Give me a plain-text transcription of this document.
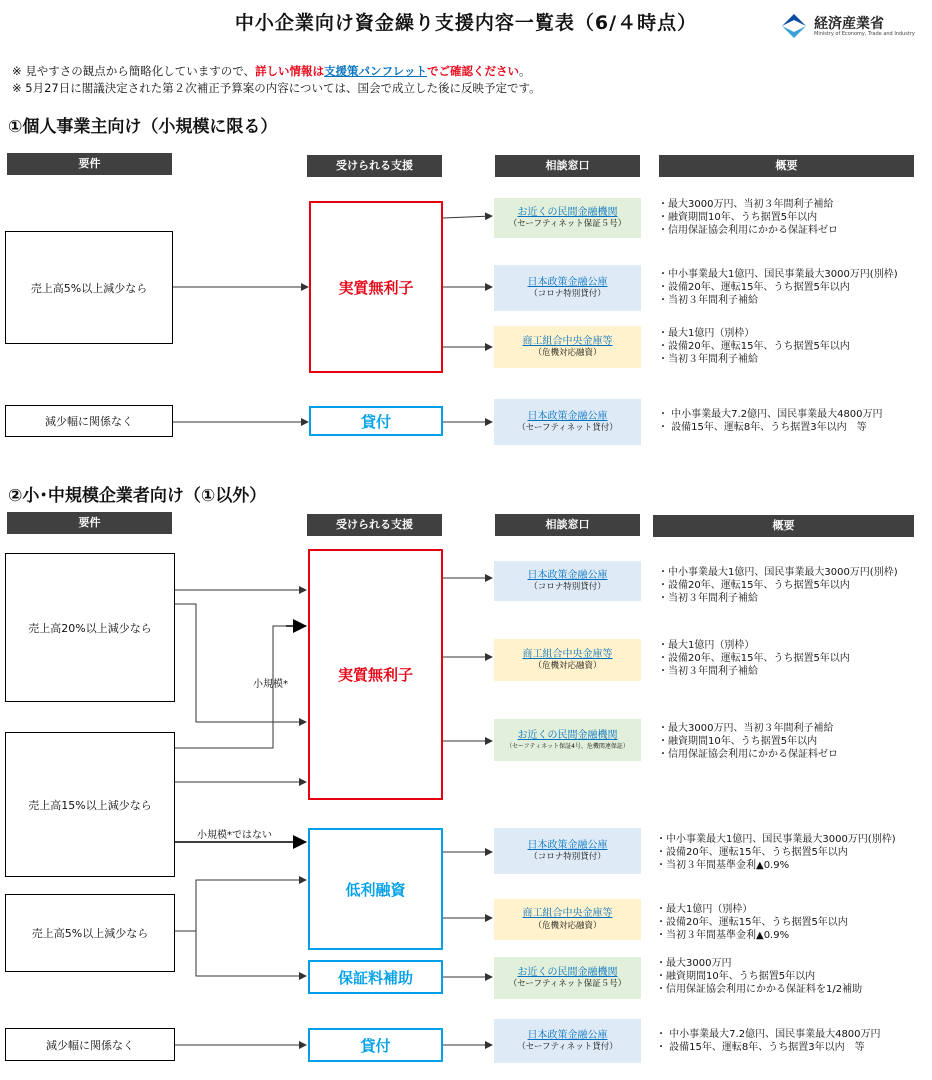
中小企業向け資金繰り支援内容一覧表（6/４時点）	経済産業省
Ministry of Economy, Trade and Industry
※ 見やすさの観点から簡略化していますので、詳しい情報は支援策パンフレットでご確認ください。
※ 5月27日に閣議決定された第２次補正予算案の内容については、国会で成立した後に反映予定です。
①個人事業主向け（小規模に限る）
要件	受けられる支援	相談窓口	概要
売上高5%以上減少なら
減少幅に関係なく
実質無利子
貸付
お近くの民間金融機関
（セーフティネット保証５号）
日本政策金融公庫
（コロナ特別貸付）
商工組合中央金庫等
（危機対応融資）
日本政策金融公庫
（セーフティネット貸付）
・最大3000万円、当初３年間利子補給
・融資期間10年、うち据置5年以内
・信用保証協会利用にかかる保証料ゼロ
・中小事業最大1億円、国民事業最大3000万円(別枠)
・設備20年、運転15年、うち据置5年以内
・当初３年間利子補給
・最大1億円（別枠）
・設備20年、運転15年、うち据置5年以内
・当初３年間利子補給
・ 中小事業最大7.2億円、国民事業最大4800万円
・ 設備15年、運転8年、うち据置3年以内　等
②小･中規模企業者向け（①以外）
要件	受けられる支援	相談窓口	概要
売上高20%以上減少なら
売上高15%以上減少なら
売上高5%以上減少なら
減少幅に関係なく
小規模*
小規模*ではない
実質無利子
低利融資
保証料補助
貸付
日本政策金融公庫
（コロナ特別貸付）
商工組合中央金庫等
（危機対応融資）
お近くの民間金融機関
（セーフティネット保証4号、危機関連保証）
日本政策金融公庫
（コロナ特別貸付）
商工組合中央金庫等
（危機対応融資）
お近くの民間金融機関
（セーフティネット保証５号）
日本政策金融公庫
（セーフティネット貸付）
・中小事業最大1億円、国民事業最大3000万円(別枠)
・設備20年、運転15年、うち据置5年以内
・当初３年間利子補給
・最大1億円（別枠）
・設備20年、運転15年、うち据置5年以内
・当初３年間利子補給
・最大3000万円、当初３年間利子補給
・融資期間10年、うち据置5年以内
・信用保証協会利用にかかる保証料ゼロ
・中小事業最大1億円、国民事業最大3000万円(別枠)
・設備20年、運転15年、うち据置5年以内
・当初３年間基準金利▲0.9%
・最大1億円（別枠）
・設備20年、運転15年、うち据置5年以内
・当初３年間基準金利▲0.9%
・最大3000万円
・融資期間10年、うち据置5年以内
・信用保証協会利用にかかる保証料を1/2補助
・ 中小事業最大7.2億円、国民事業最大4800万円
・ 設備15年、運転8年、うち据置3年以内　等
